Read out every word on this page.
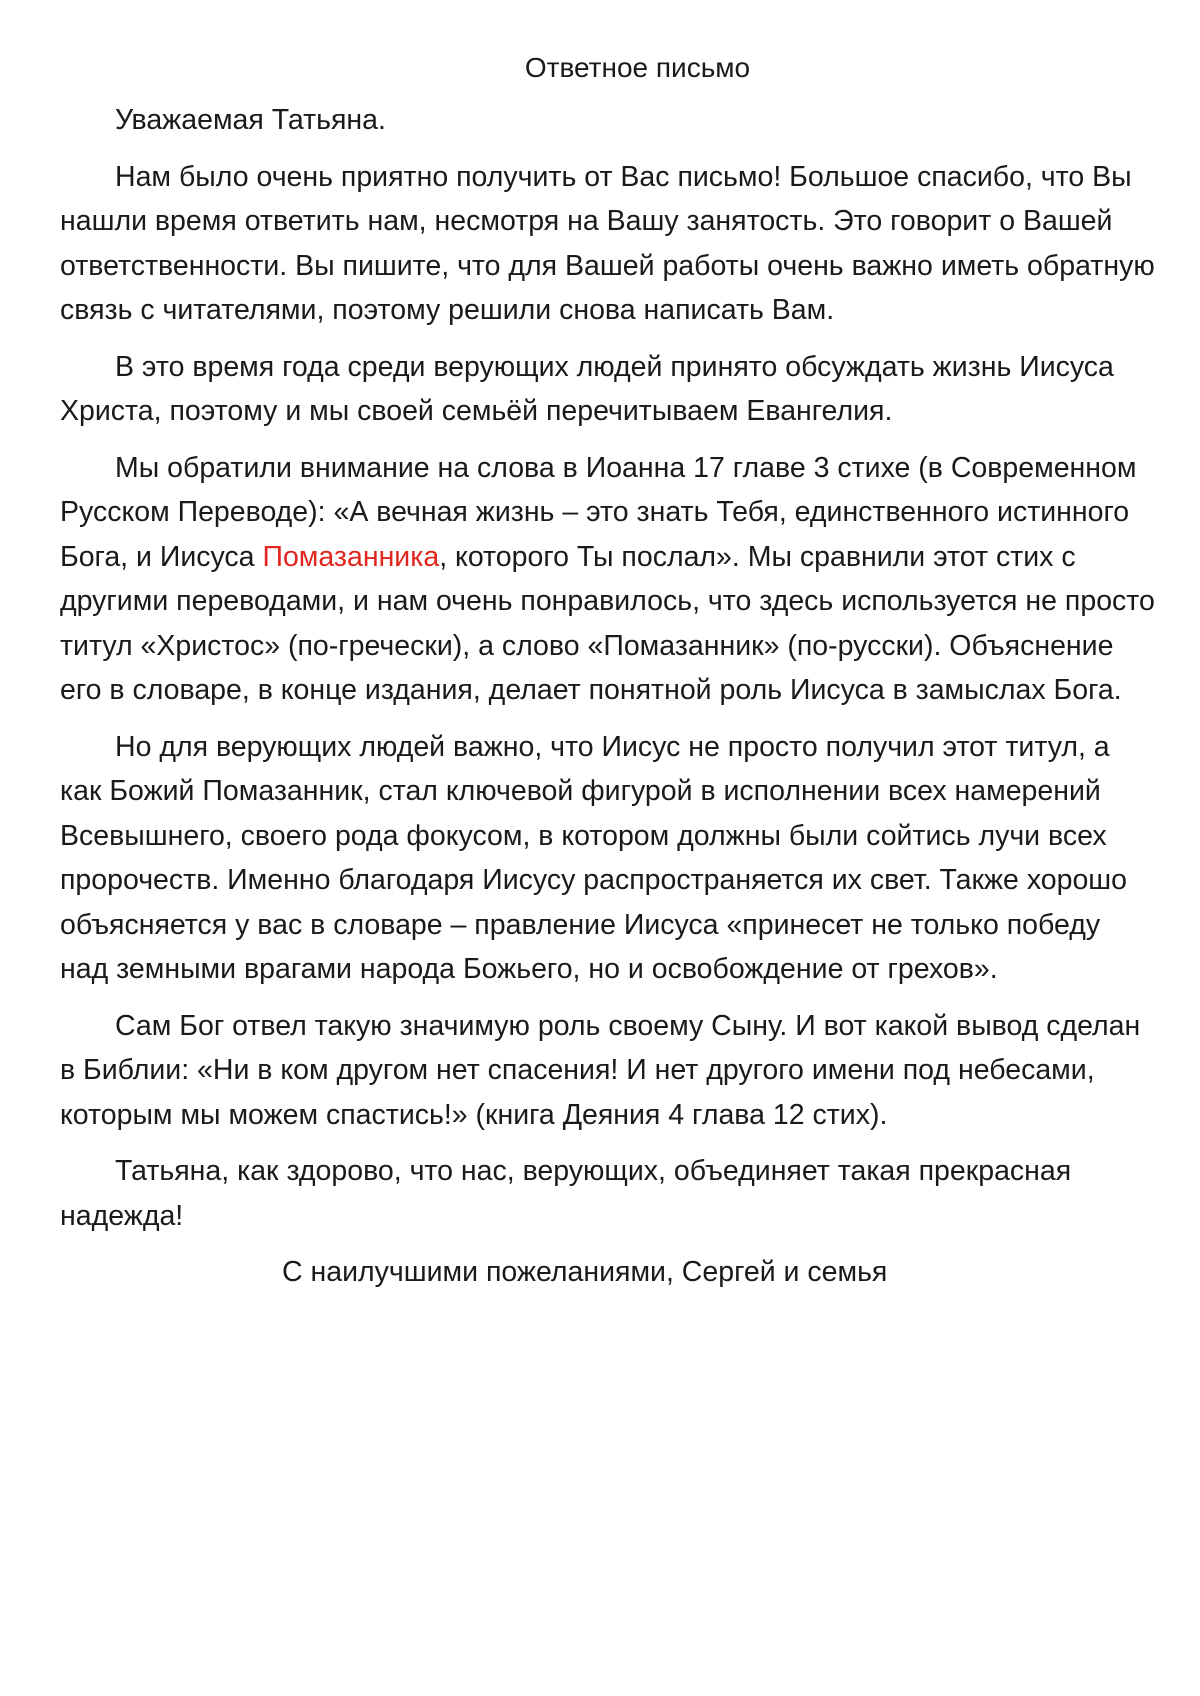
Ответное письмо

Уважаемая Татьяна.

Нам было очень приятно получить от Вас письмо! Большое спасибо, что Вы нашли время ответить нам, несмотря на Вашу занятость. Это говорит о Вашей ответственности. Вы пишите, что для Вашей работы очень важно иметь обратную связь с читателями, поэтому решили снова написать Вам.

В это время года среди верующих людей принято обсуждать жизнь Иисуса Христа, поэтому и мы своей семьёй перечитываем Евангелия.

Мы обратили внимание на слова в Иоанна 17 главе 3 стихе (в Современном Русском Переводе): «А вечная жизнь – это знать Тебя, единственного истинного Бога, и Иисуса Помазанника, которого Ты послал». Мы сравнили этот стих с другими переводами, и нам очень понравилось, что здесь используется не просто титул «Христос» (по-гречески), а слово «Помазанник» (по-русски). Объяснение его в словаре, в конце издания, делает понятной роль Иисуса в замыслах Бога.

Но для верующих людей важно, что Иисус не просто получил этот титул, а как Божий Помазанник, стал ключевой фигурой в исполнении всех намерений Всевышнего, своего рода фокусом, в котором должны были сойтись лучи всех пророчеств. Именно благодаря Иисусу распространяется их свет. Также хорошо объясняется у вас в словаре – правление Иисуса «принесет не только победу над земными врагами народа Божьего, но и освобождение от грехов».

Сам Бог отвел такую значимую роль своему Сыну. И вот какой вывод сделан в Библии: «Ни в ком другом нет спасения! И нет другого имени под небесами, которым мы можем спастись!» (книга Деяния 4 глава 12 стих).

Татьяна, как здорово, что нас, верующих, объединяет такая прекрасная надежда!

С наилучшими пожеланиями, Сергей и семья
